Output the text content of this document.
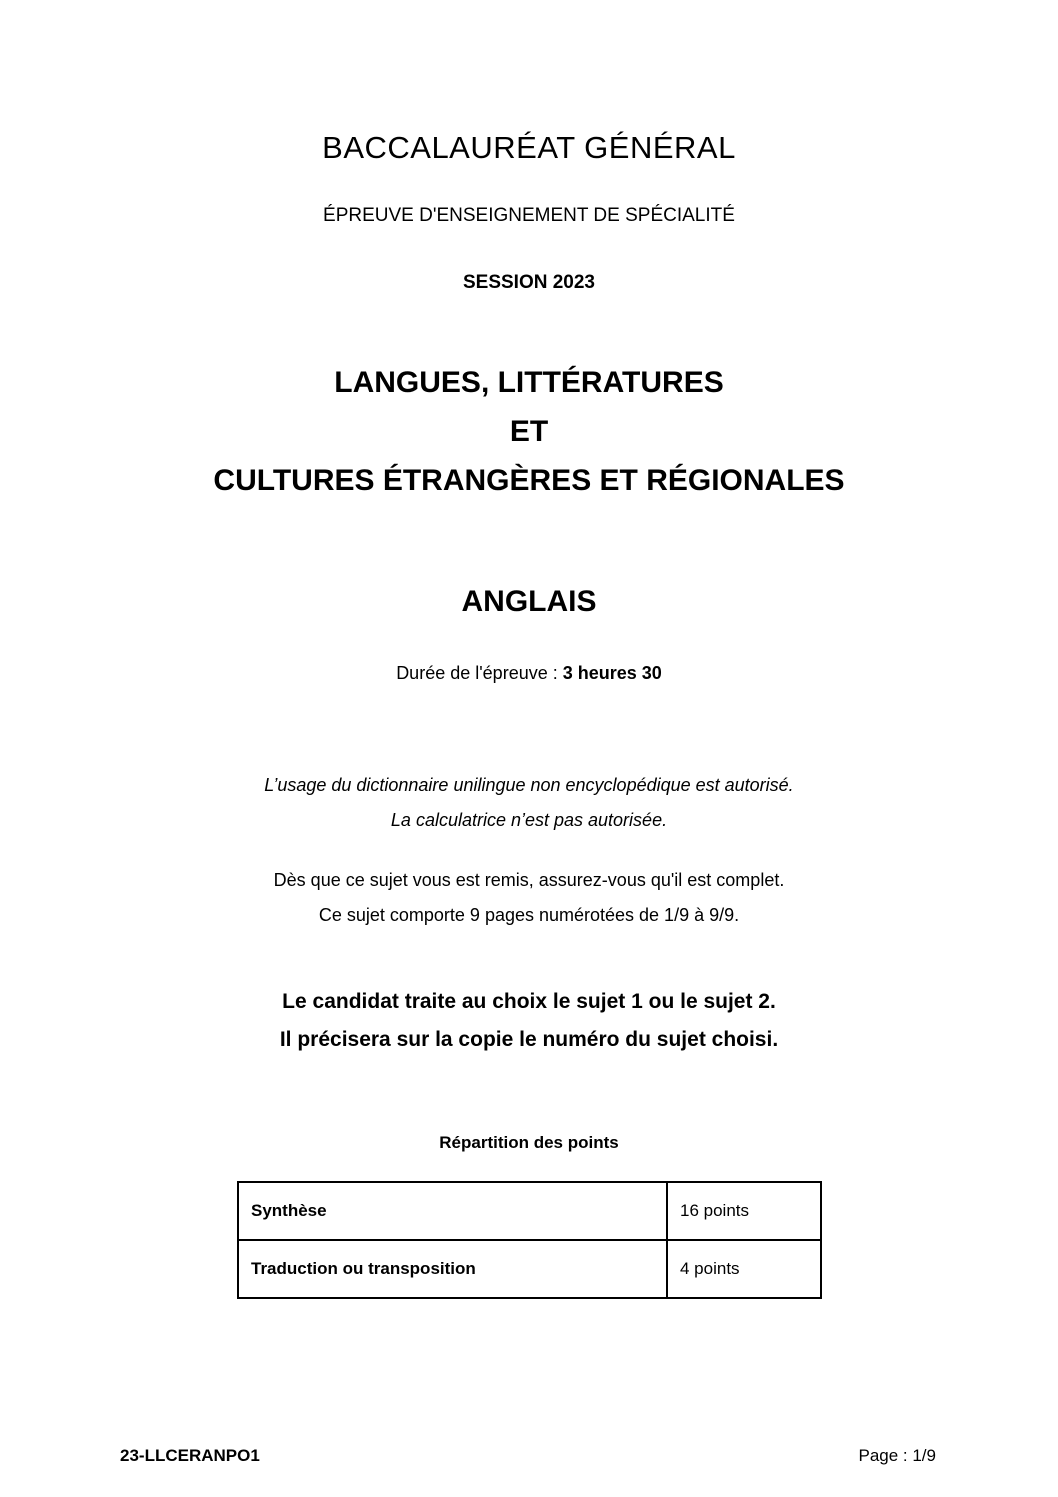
BACCALAURÉAT GÉNÉRAL
ÉPREUVE D'ENSEIGNEMENT DE SPÉCIALITÉ
SESSION 2023
LANGUES, LITTÉRATURES
ET
CULTURES ÉTRANGÈRES ET RÉGIONALES
ANGLAIS
Durée de l'épreuve : 3 heures 30
L’usage du dictionnaire unilingue non encyclopédique est autorisé.
La calculatrice n’est pas autorisée.
Dès que ce sujet vous est remis, assurez-vous qu'il est complet.
Ce sujet comporte 9 pages numérotées de 1/9 à 9/9.
Le candidat traite au choix le sujet 1 ou le sujet 2.
Il précisera sur la copie le numéro du sujet choisi.
Répartition des points
Synthèse	16 points
Traduction ou transposition	4 points
23-LLCERANPO1	Page : 1/9
